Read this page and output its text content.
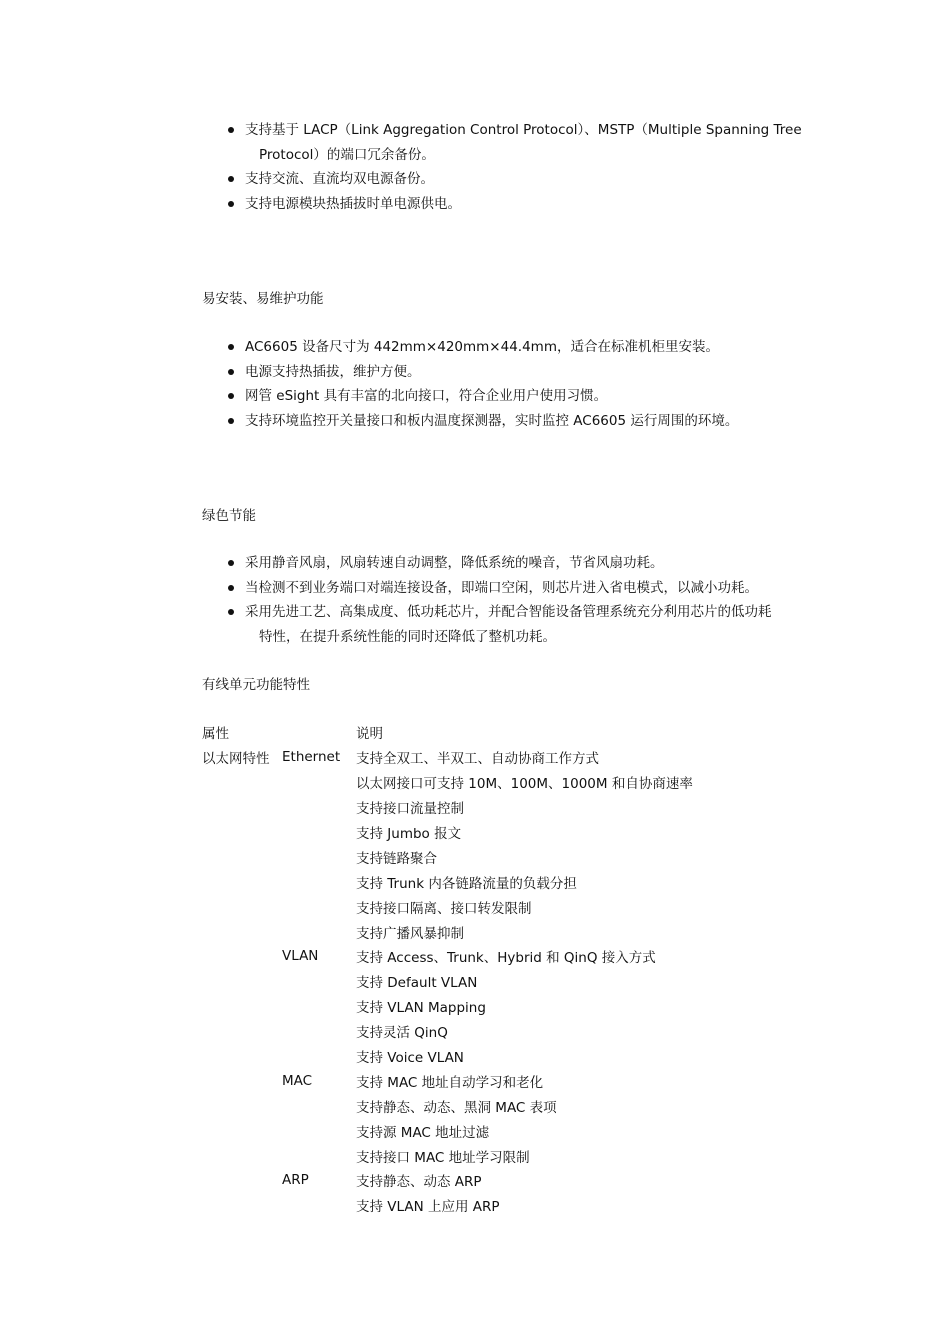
支持基于 LACP（Link Aggregation Control Protocol）、MSTP（Multiple Spanning Tree
Protocol）的端口冗余备份。
支持交流、直流均双电源备份。
支持电源模块热插拔时单电源供电。
易安装、易维护功能
AC6605 设备尺寸为 442mm×420mm×44.4mm，适合在标准机柜里安装。
电源支持热插拔，维护方便。
网管 eSight 具有丰富的北向接口，符合企业用户使用习惯。
支持环境监控开关量接口和板内温度探测器，实时监控 AC6605 运行周围的环境。
绿色节能
采用静音风扇，风扇转速自动调整，降低系统的噪音，节省风扇功耗。
当检测不到业务端口对端连接设备，即端口空闲，则芯片进入省电模式，以减小功耗。
采用先进工艺、高集成度、低功耗芯片，并配合智能设备管理系统充分利用芯片的低功耗
特性，在提升系统性能的同时还降低了整机功耗。
有线单元功能特性
属性		说明
以太网特性	Ethernet	支持全双工、半双工、自动协商工作方式
		以太网接口可支持 10M、100M、1000M 和自协商速率
		支持接口流量控制
		支持 Jumbo 报文
		支持链路聚合
		支持 Trunk 内各链路流量的负载分担
		支持接口隔离、接口转发限制
		支持广播风暴抑制
	VLAN	支持 Access、Trunk、Hybrid 和 QinQ 接入方式
		支持 Default VLAN
		支持 VLAN Mapping
		支持灵活 QinQ
		支持 Voice VLAN
	MAC	支持 MAC 地址自动学习和老化
		支持静态、动态、黑洞 MAC 表项
		支持源 MAC 地址过滤
		支持接口 MAC 地址学习限制
	ARP	支持静态、动态 ARP
		支持 VLAN 上应用 ARP
